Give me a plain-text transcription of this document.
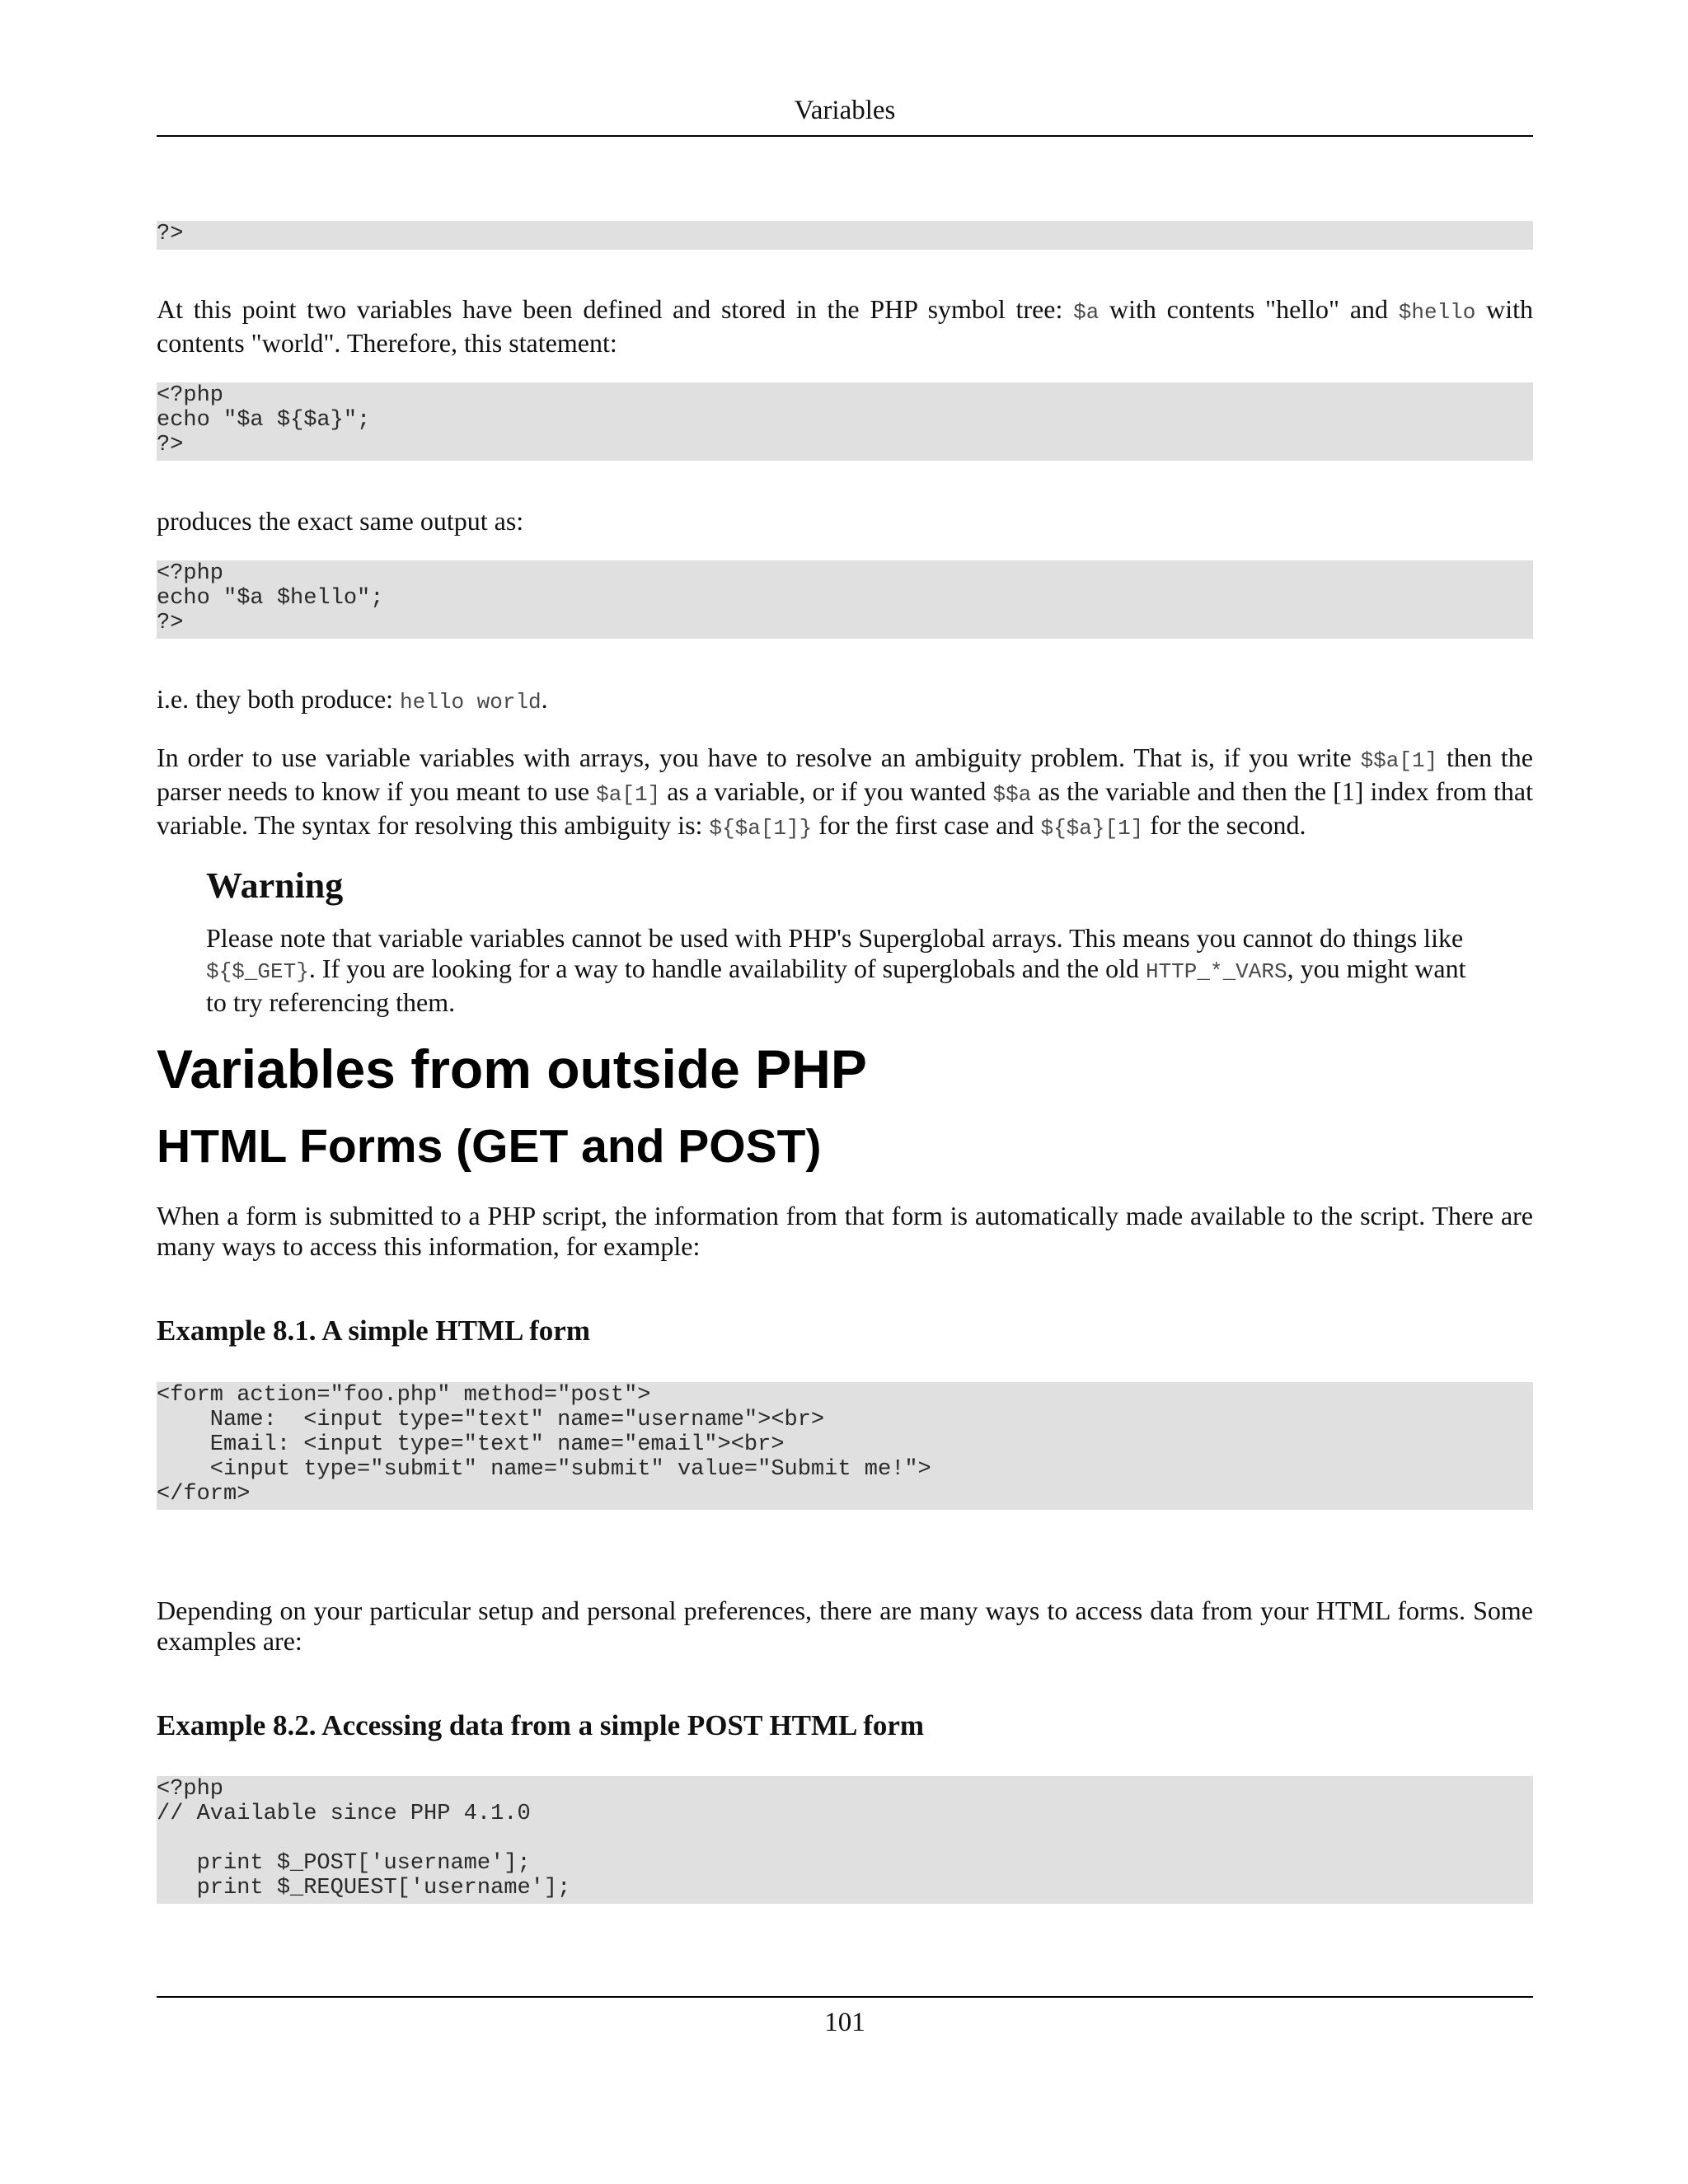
Variables
?>

At this point two variables have been defined and stored in the PHP symbol tree: $a with contents "hello" and $hello with contents "world". Therefore, this statement:

<?php
echo "$a ${$a}";
?>

produces the exact same output as:

<?php
echo "$a $hello";
?>

i.e. they both produce: hello world.

In order to use variable variables with arrays, you have to resolve an ambiguity problem. That is, if you write $$a[1] then the parser needs to know if you meant to use $a[1] as a variable, or if you wanted $$a as the variable and then the [1] index from that variable. The syntax for resolving this ambiguity is: ${$a[1]} for the first case and ${$a}[1] for the second.

Warning

Please note that variable variables cannot be used with PHP's Superglobal arrays. This means you cannot do things like ${$_GET}. If you are looking for a way to handle availability of superglobals and the old HTTP_*_VARS, you might want to try referencing them.

Variables from outside PHP
HTML Forms (GET and POST)

When a form is submitted to a PHP script, the information from that form is automatically made available to the script. There are many ways to access this information, for example:

Example 8.1. A simple HTML form

<form action="foo.php" method="post">
Name:  <input type="text" name="username"><br>
Email: <input type="text" name="email"><br>
<input type="submit" name="submit" value="Submit me!">
</form>

Depending on your particular setup and personal preferences, there are many ways to access data from your HTML forms. Some examples are:

Example 8.2. Accessing data from a simple POST HTML form

<?php
// Available since PHP 4.1.0

print $_POST['username'];
print $_REQUEST['username'];
101
